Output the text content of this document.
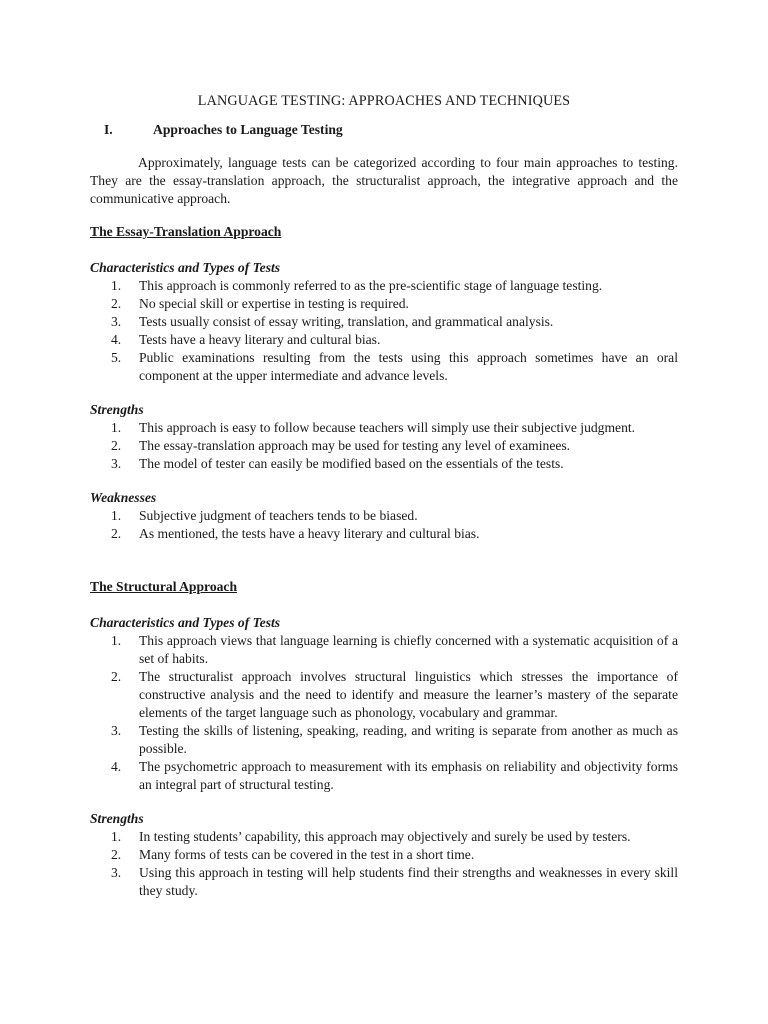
LANGUAGE TESTING: APPROACHES AND TECHNIQUES
I.	Approaches to Language Testing

Approximately, language tests can be categorized according to four main approaches to testing. They are the essay-translation approach, the structuralist approach, the integrative approach and the communicative approach.

The Essay-Translation Approach
Characteristics and Types of Tests
1. This approach is commonly referred to as the pre-scientific stage of language testing.
2. No special skill or expertise in testing is required.
3. Tests usually consist of essay writing, translation, and grammatical analysis.
4. Tests have a heavy literary and cultural bias.
5. Public examinations resulting from the tests using this approach sometimes have an oral component at the upper intermediate and advance levels.
Strengths
1. This approach is easy to follow because teachers will simply use their subjective judgment.
2. The essay-translation approach may be used for testing any level of examinees.
3. The model of tester can easily be modified based on the essentials of the tests.
Weaknesses
1. Subjective judgment of teachers tends to be biased.
2. As mentioned, the tests have a heavy literary and cultural bias.
The Structural Approach
Characteristics and Types of Tests
1. This approach views that language learning is chiefly concerned with a systematic acquisition of a set of habits.
2. The structuralist approach involves structural linguistics which stresses the importance of constructive analysis and the need to identify and measure the learner’s mastery of the separate elements of the target language such as phonology, vocabulary and grammar.
3. Testing the skills of listening, speaking, reading, and writing is separate from another as much as possible.
4. The psychometric approach to measurement with its emphasis on reliability and objectivity forms an integral part of structural testing.
Strengths
1. In testing students’ capability, this approach may objectively and surely be used by testers.
2. Many forms of tests can be covered in the test in a short time.
3. Using this approach in testing will help students find their strengths and weaknesses in every skill they study.
